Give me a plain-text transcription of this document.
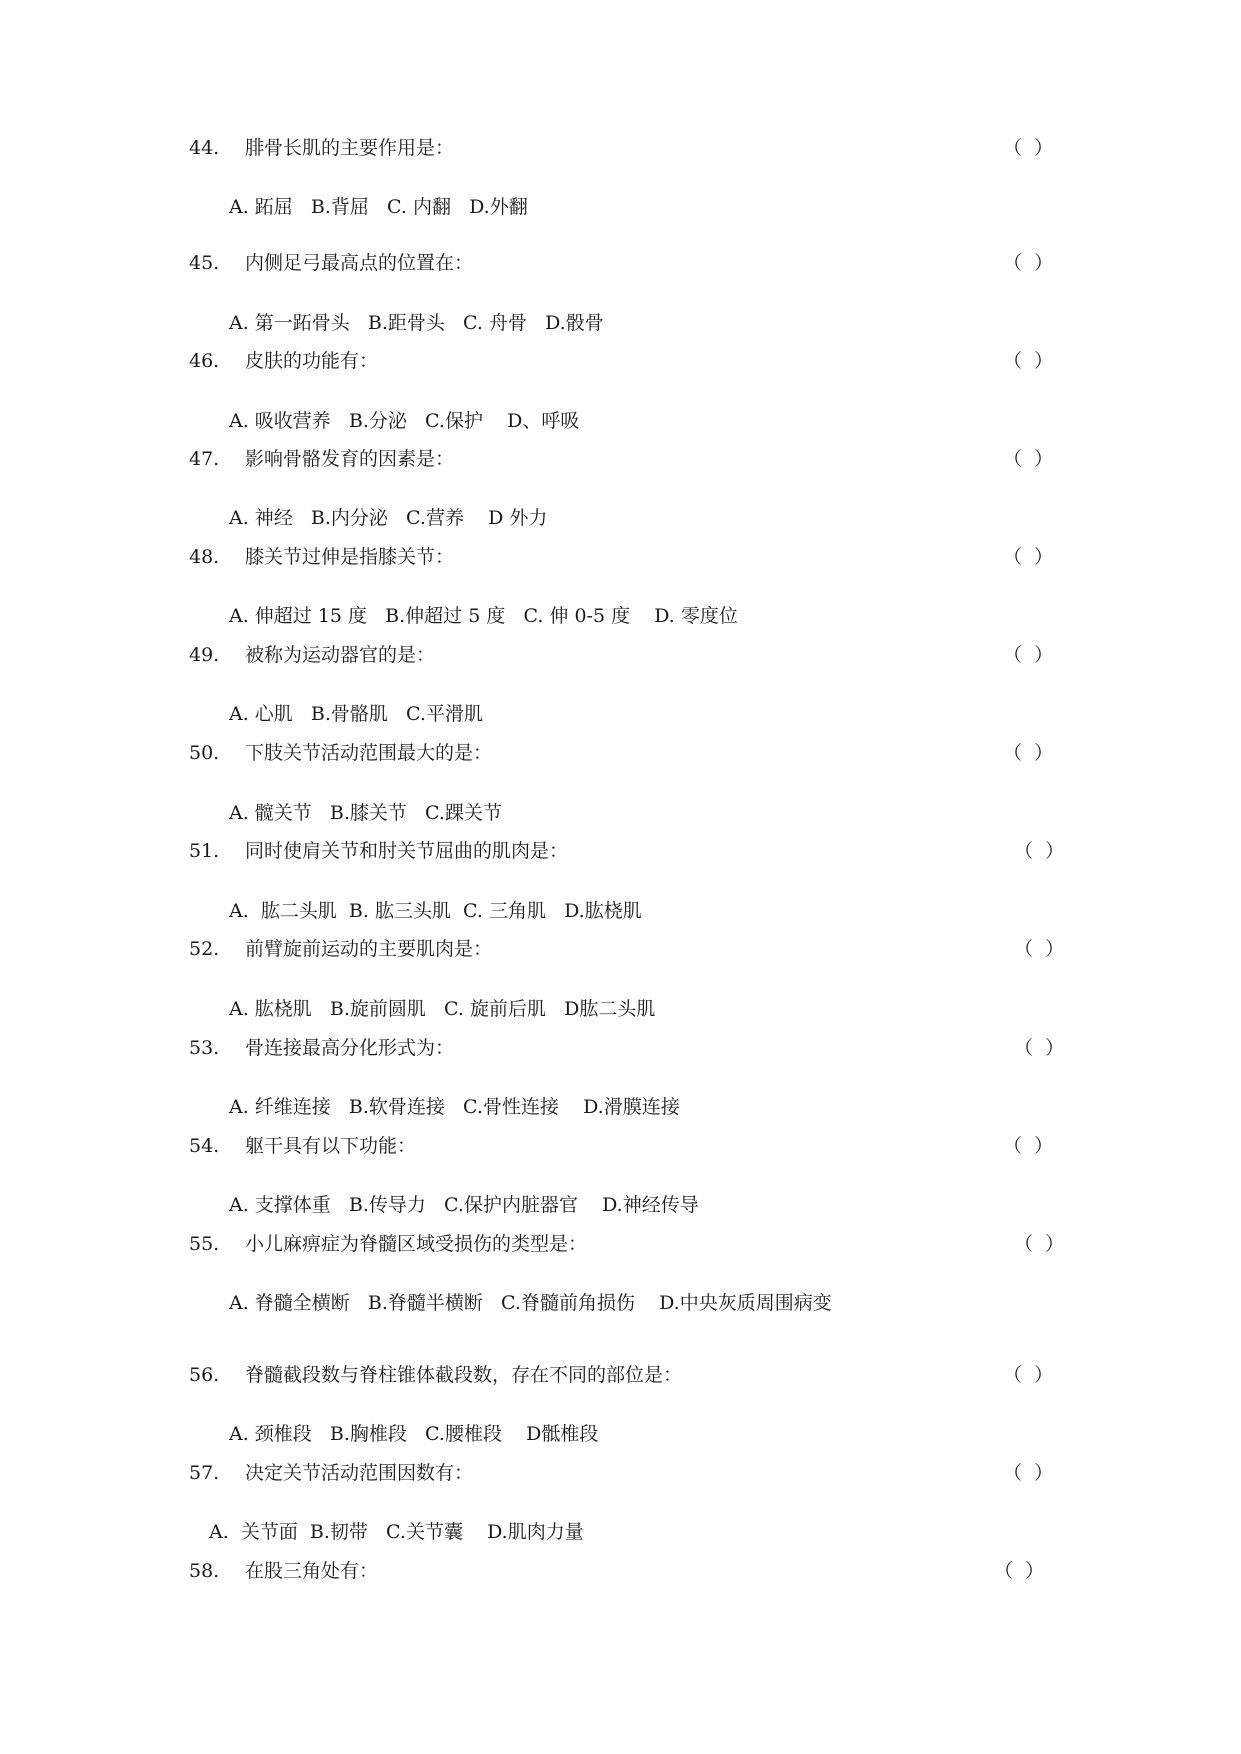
44. 腓骨长肌的主要作用是：	（  ）
A. 跖屈   B.背屈   C. 内翻   D.外翻
45. 内侧足弓最高点的位置在：	（  ）
A. 第一跖骨头   B.距骨头   C. 舟骨   D.骰骨
46. 皮肤的功能有：	（  ）
A. 吸收营养   B.分泌   C.保护    D、呼吸
47. 影响骨骼发育的因素是：	（  ）
A. 神经   B.内分泌   C.营养    D 外力
48. 膝关节过伸是指膝关节：	（  ）
A. 伸超过 15 度   B.伸超过 5 度   C. 伸 0-5 度    D. 零度位
49. 被称为运动器官的是：	（  ）
A. 心肌   B.骨骼肌   C.平滑肌
50. 下肢关节活动范围最大的是：	（  ）
A. 髋关节   B.膝关节   C.踝关节
51. 同时使肩关节和肘关节屈曲的肌肉是：	（  ）
A.  肱二头肌  B. 肱三头肌  C. 三角肌   D.肱桡肌
52. 前臂旋前运动的主要肌肉是：	（  ）
A. 肱桡肌   B.旋前圆肌   C. 旋前后肌   D肱二头肌
53. 骨连接最高分化形式为：	（  ）
A. 纤维连接   B.软骨连接   C.骨性连接    D.滑膜连接
54. 躯干具有以下功能：	（  ）
A. 支撑体重   B.传导力   C.保护内脏器官    D.神经传导
55. 小儿麻痹症为脊髓区域受损伤的类型是：	（  ）
A. 脊髓全横断   B.脊髓半横断   C.脊髓前角损伤    D.中央灰质周围病变
56. 脊髓截段数与脊柱锥体截段数，存在不同的部位是：	（  ）
A. 颈椎段   B.胸椎段   C.腰椎段    D骶椎段
57. 决定关节活动范围因数有：	（  ）
A.  关节面  B.韧带   C.关节囊    D.肌肉力量
58. 在股三角处有：	（  ）
